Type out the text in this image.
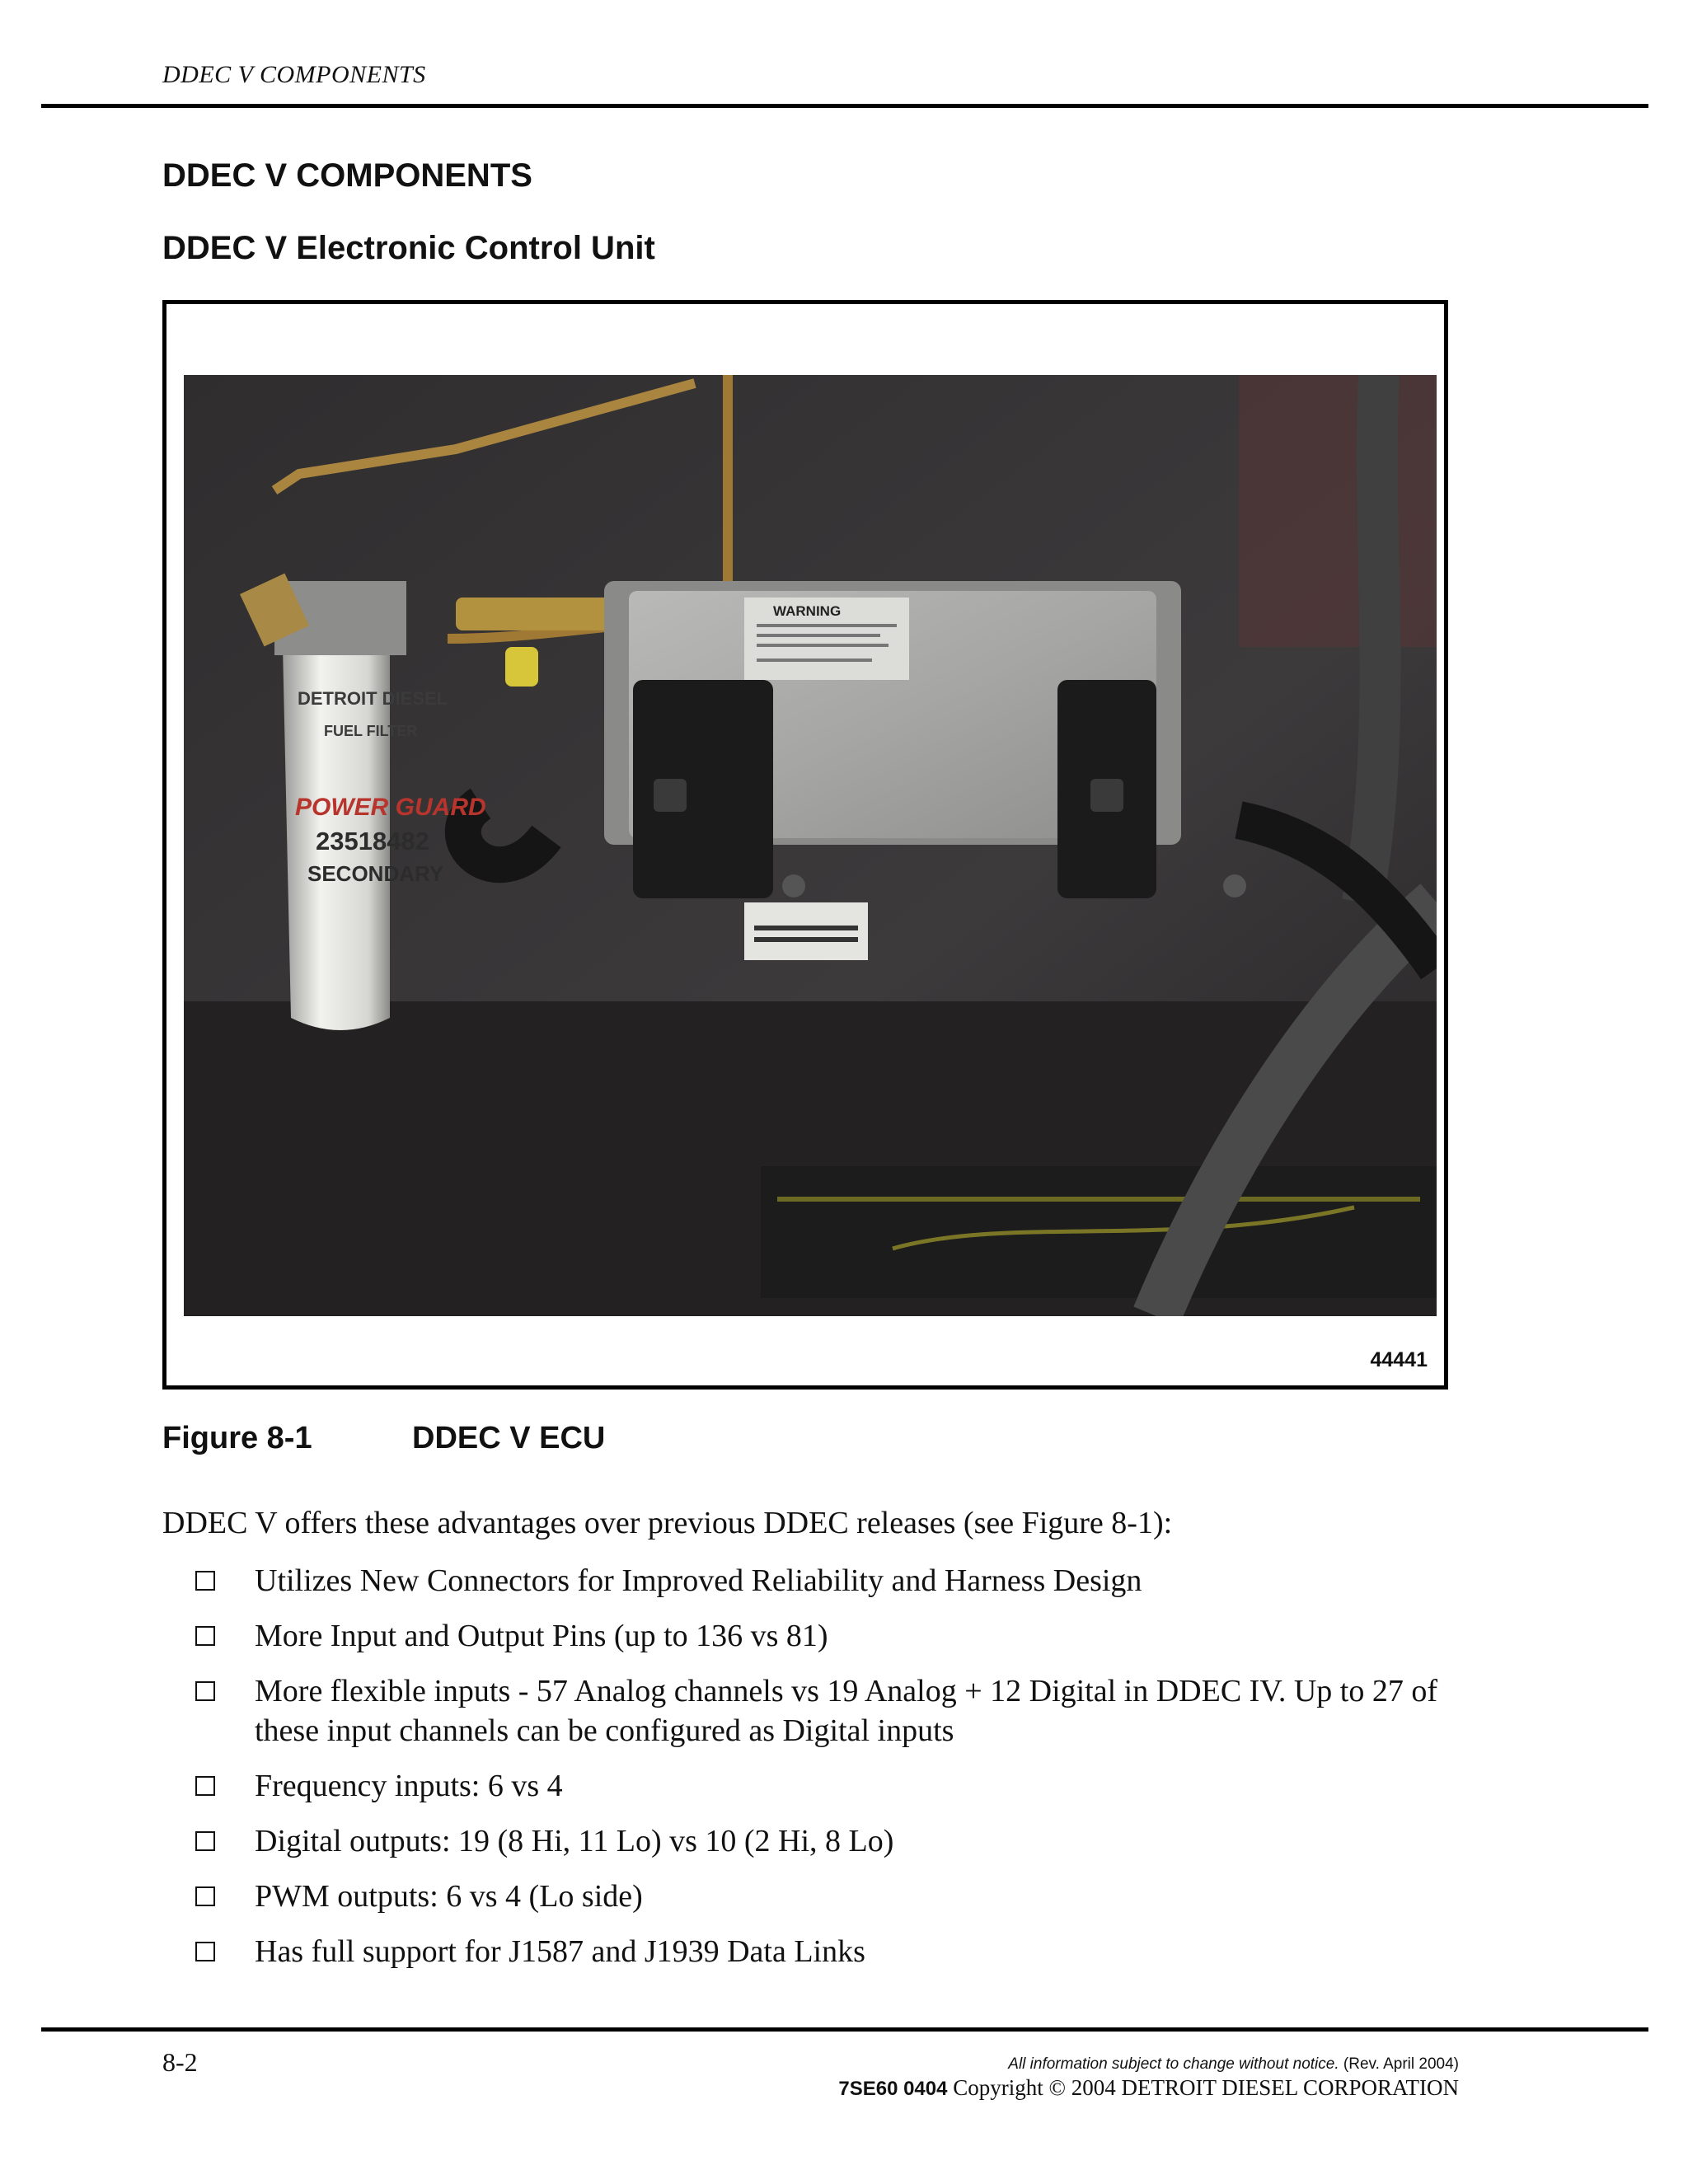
DDEC V COMPONENTS
DDEC V COMPONENTS
DDEC V Electronic Control Unit
DETROIT DIESEL
FUEL FILTER
POWER GUARD
23518482
SECONDARY
WARNING
44441
Figure 8-1	DDEC V ECU
DDEC V offers these advantages over previous DDEC releases (see Figure 8-1):
Utilizes New Connectors for Improved Reliability and Harness Design
More Input and Output Pins (up to 136 vs 81)
More flexible inputs - 57 Analog channels vs 19 Analog + 12 Digital in DDEC IV. Up to 27 of these input channels can be configured as Digital inputs
Frequency inputs: 6 vs 4
Digital outputs: 19 (8 Hi, 11 Lo) vs 10 (2 Hi, 8 Lo)
PWM outputs: 6 vs 4 (Lo side)
Has full support for J1587 and J1939 Data Links
8-2	All information subject to change without notice. (Rev. April 2004)
7SE60 0404 Copyright © 2004 DETROIT DIESEL CORPORATION
